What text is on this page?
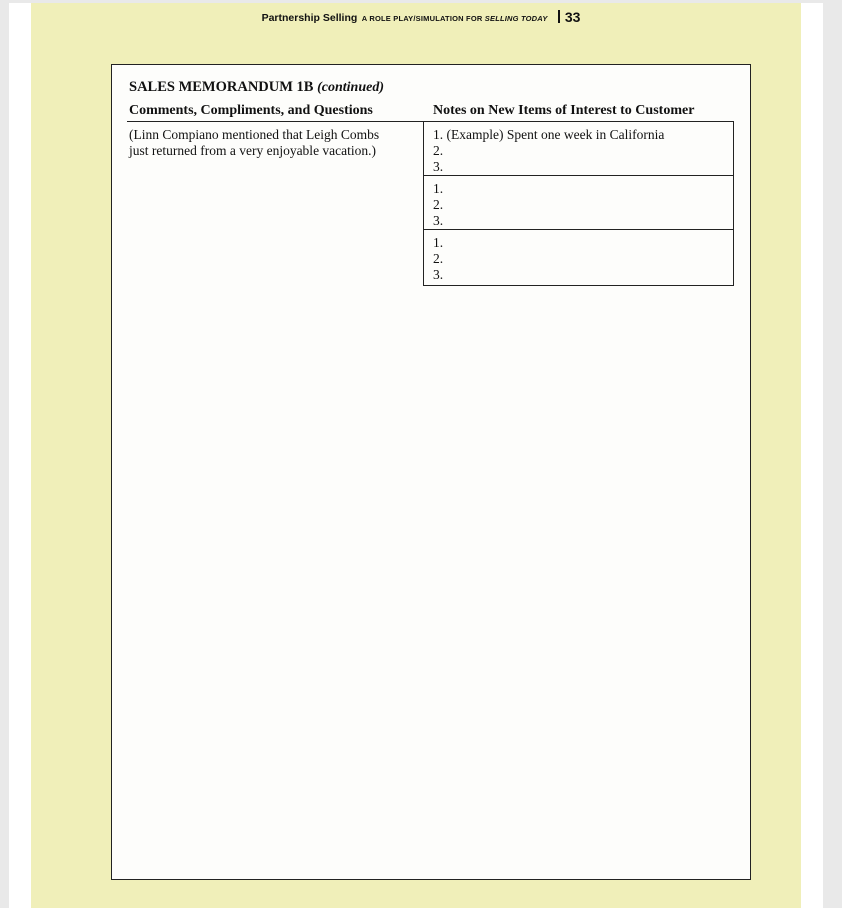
Partnership Selling A ROLE PLAY/SIMULATION FOR SELLING TODAY 33
SALES MEMORANDUM 1B (continued)
Comments, Compliments, and Questions	Notes on New Items of Interest to Customer
(Linn Compiano mentioned that Leigh Combs
just returned from a very enjoyable vacation.)
1. (Example) Spent one week in California
2.
3.
1.
2.
3.
1.
2.
3.
